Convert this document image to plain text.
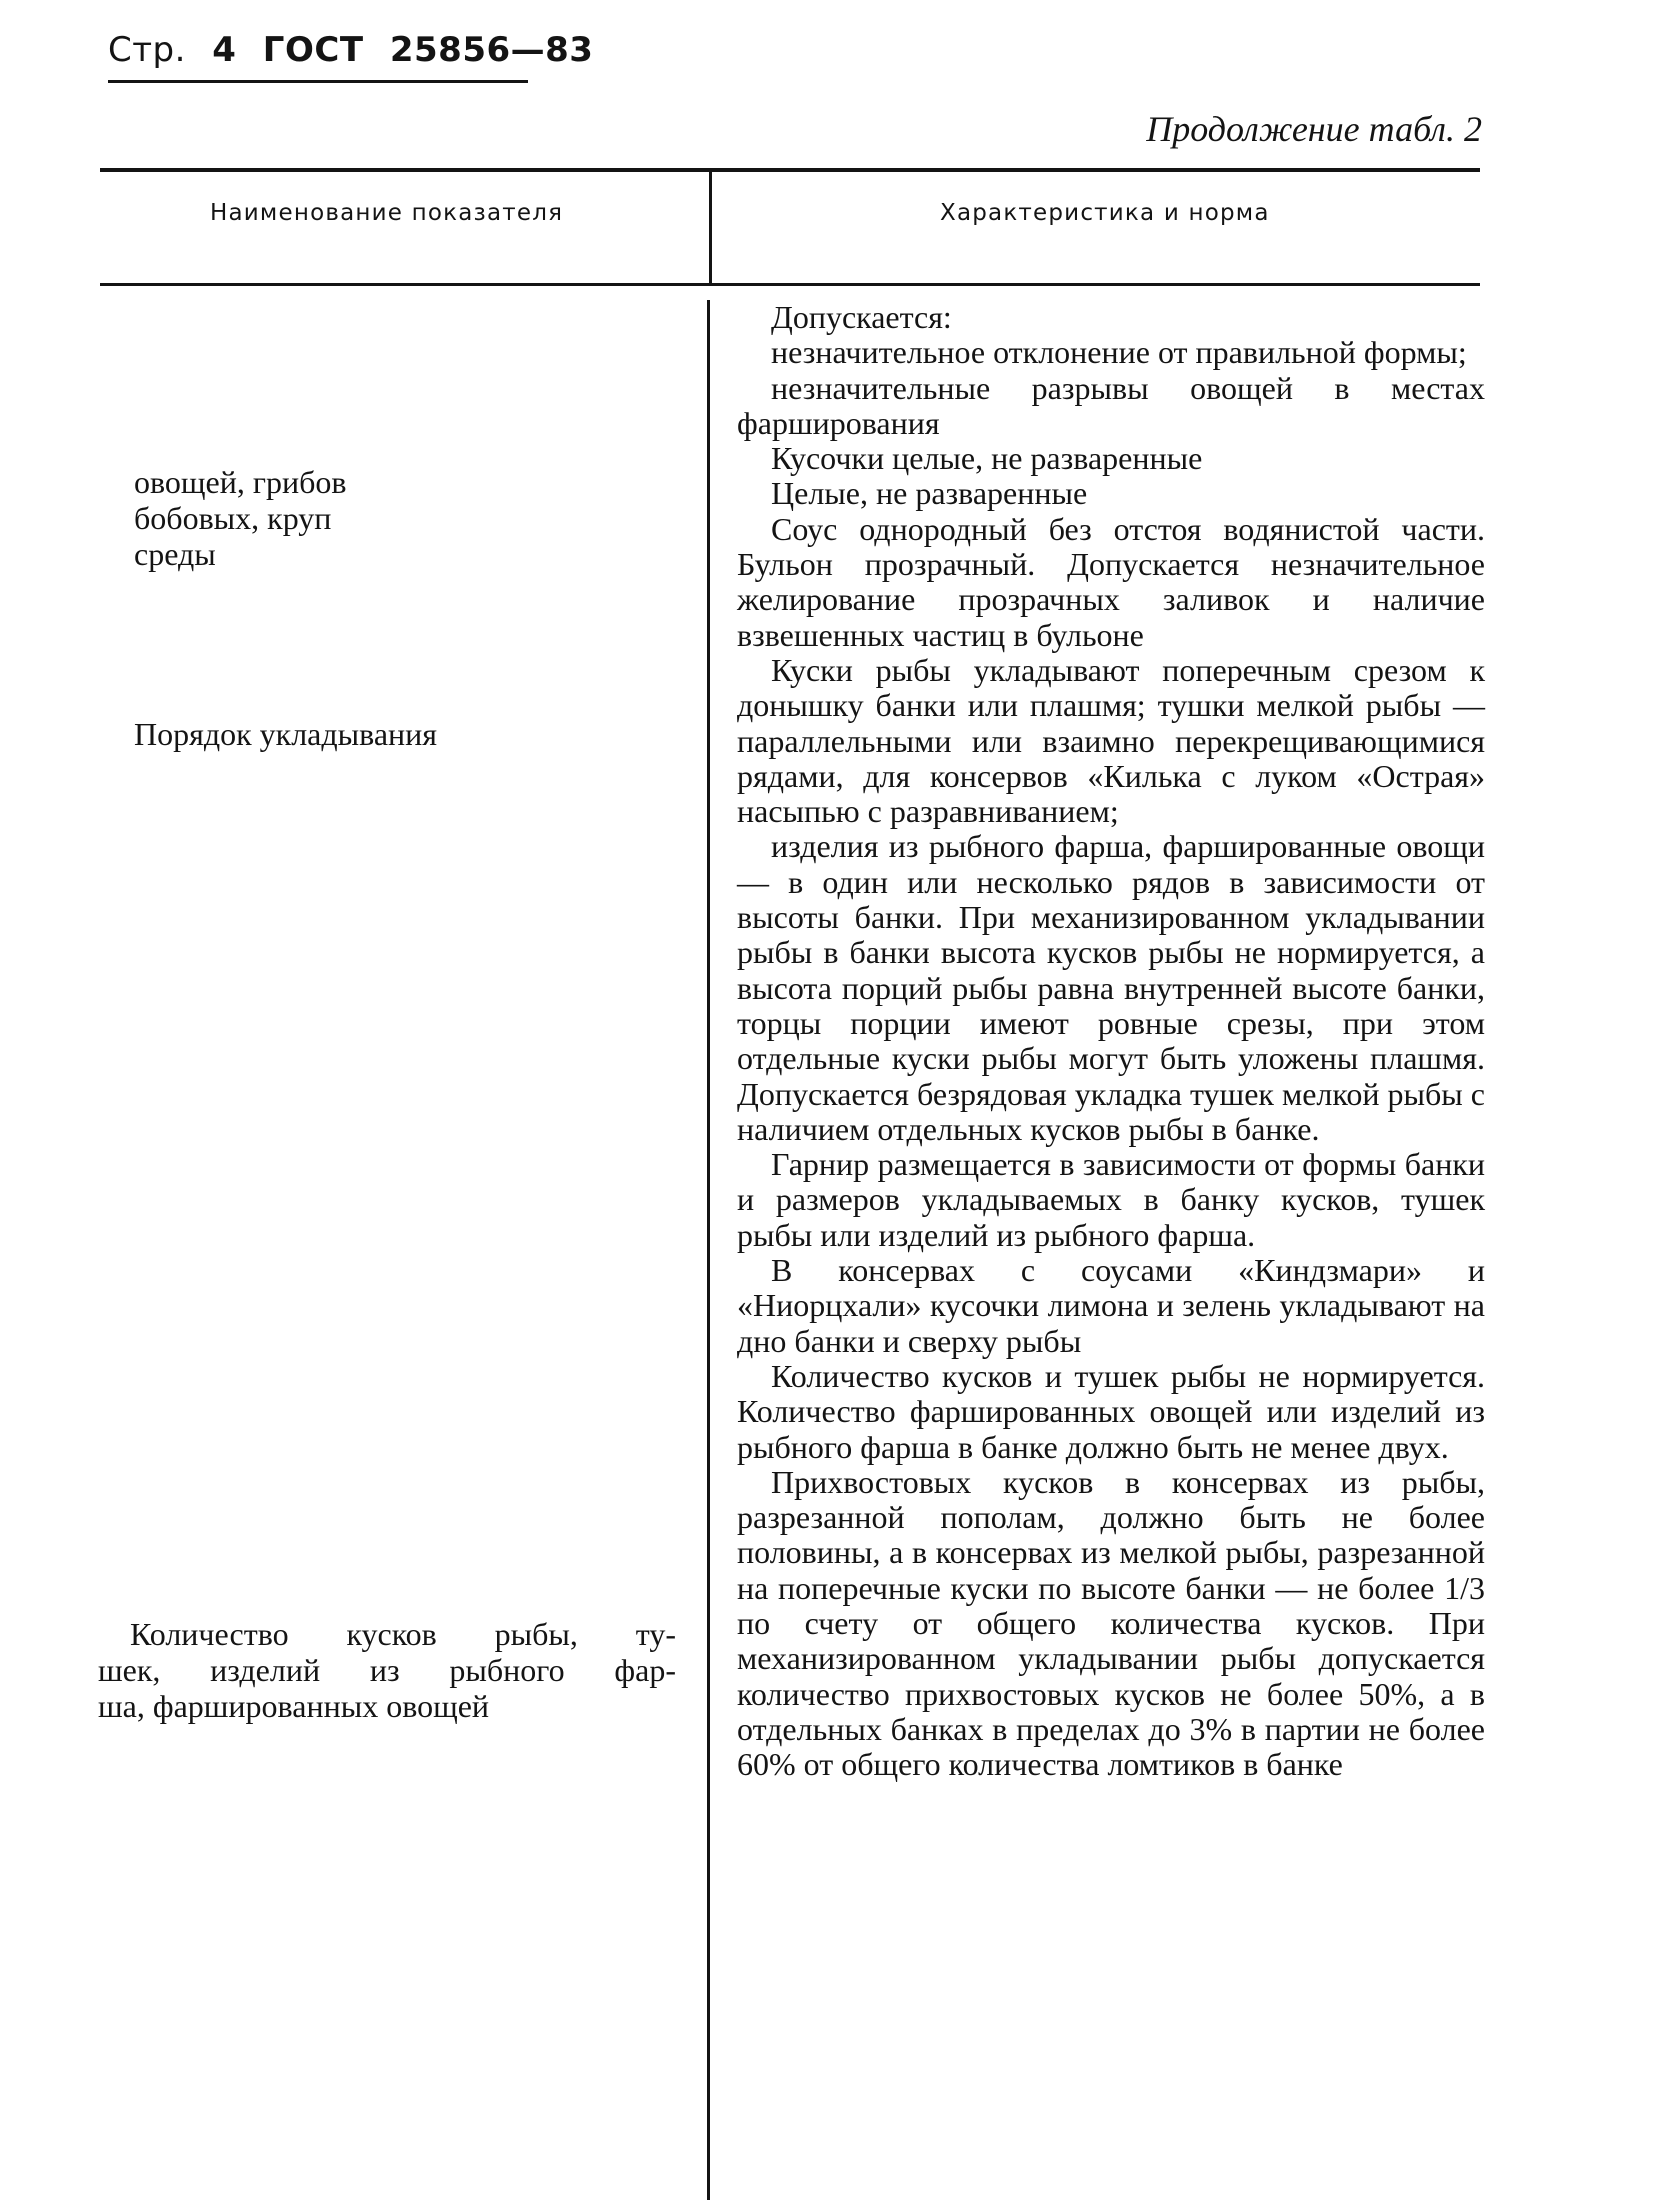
Стр. 4 ГОСТ 25856—83
Продолжение табл. 2
Наименование показателя	Характеристика и норма
овощей, грибов
бобовых, круп
среды
Порядок укладывания
Количество кусков рыбы, ту-
шек, изделий из рыбного фар-
ша, фаршированных овощей

Допускается:

незначительное отклонение от правильной формы;

незначительные разрывы овощей в местах фарширования

Кусочки целые, не разваренные

Целые, не разваренные

Соус однородный без отстоя водянистой части. Бульон прозрачный. Допускается незначительное желирование прозрачных заливок и наличие взвешенных частиц в бульоне

Куски рыбы укладывают поперечным срезом к донышку банки или плашмя; тушки мелкой рыбы — параллельными или взаимно перекрещивающимися рядами, для консервов «Килька с луком «Острая» насыпью с разравниванием;

изделия из рыбного фарша, фаршированные овощи — в один или несколько рядов в зависимости от высоты банки. При механизированном укладывании рыбы в банки высота кусков рыбы не нормируется, а высота порций рыбы равна внутренней высоте банки, торцы порции имеют ровные срезы, при этом отдельные куски рыбы могут быть уложены плашмя. Допускается безрядовая укладка тушек мелкой рыбы с наличием отдельных кусков рыбы в банке.

Гарнир размещается в зависимости от формы банки и размеров укладываемых в банку кусков, тушек рыбы или изделий из рыбного фарша.

В консервах с соусами «Киндзмари» и «Ниорцхали» кусочки лимона и зелень укладывают на дно банки и сверху рыбы

Количество кусков и тушек рыбы не нормируется. Количество фаршированных овощей или изделий из рыбного фарша в банке должно быть не менее двух.

Прихвостовых кусков в консервах из рыбы, разрезанной пополам, должно быть не более половины, а в консервах из мелкой рыбы, разрезанной на поперечные куски по высоте банки — не более 1/3 по счету от общего количества кусков. При механизированном укладывании рыбы допускается количество прихвостовых кусков не более 50%, а в отдельных банках в пределах до 3% в партии не более 60% от общего количества ломтиков в банке
